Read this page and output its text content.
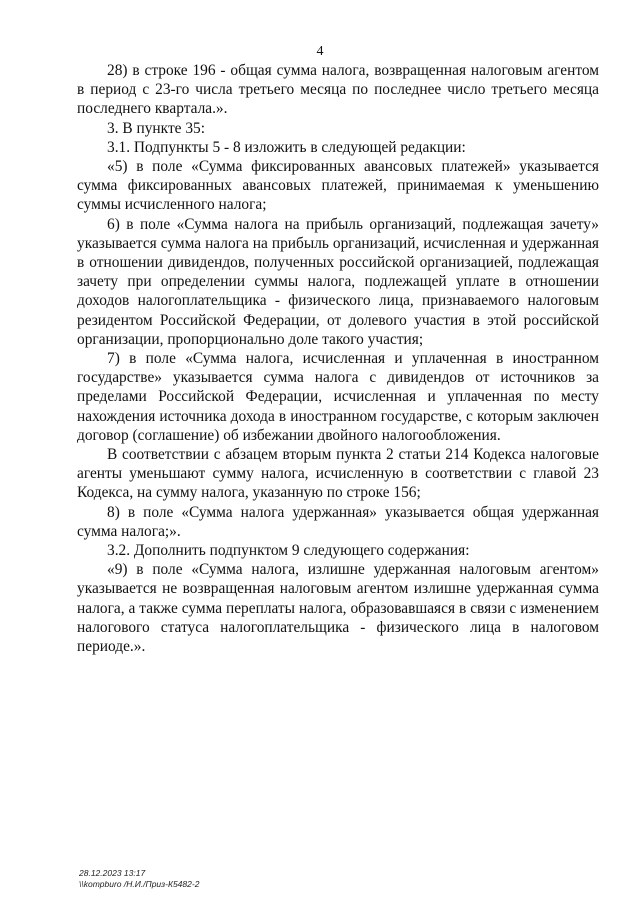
4

28) в строке 196 - общая сумма налога, возвращенная налоговым агентом в период с 23-го числа третьего месяца по последнее число третьего месяца последнего квартала.».

3. В пункте 35:

3.1. Подпункты 5 - 8 изложить в следующей редакции:

«5) в поле «Сумма фиксированных авансовых платежей» указывается сумма фиксированных авансовых платежей, принимаемая к уменьшению суммы исчисленного налога;

6) в поле «Сумма налога на прибыль организаций, подлежащая зачету» указывается сумма налога на прибыль организаций, исчисленная и удержанная в отношении дивидендов, полученных российской организацией, подлежащая зачету при определении суммы налога, подлежащей уплате в отношении доходов налогоплательщика - физического лица, признаваемого налоговым резидентом Российской Федерации, от долевого участия в этой российской организации, пропорционально доле такого участия;

7) в поле «Сумма налога, исчисленная и уплаченная в иностранном государстве» указывается сумма налога с дивидендов от источников за пределами Российской Федерации, исчисленная и уплаченная по месту нахождения источника дохода в иностранном государстве, с которым заключен договор (соглашение) об избежании двойного налогообложения.

В соответствии с абзацем вторым пункта 2 статьи 214 Кодекса налоговые агенты уменьшают сумму налога, исчисленную в соответствии с главой 23 Кодекса, на сумму налога, указанную по строке 156;

8) в поле «Сумма налога удержанная» указывается общая удержанная сумма налога;».

3.2. Дополнить подпунктом 9 следующего содержания:

«9) в поле «Сумма налога, излишне удержанная налоговым агентом» указывается не возвращенная налоговым агентом излишне удержанная сумма налога, а также сумма переплаты налога, образовавшаяся в связи с изменением налогового статуса налогоплательщика - физического лица в налоговом периоде.».

28.12.2023 13:17
\\kompburo /Н.И./Приз-К5482-2
